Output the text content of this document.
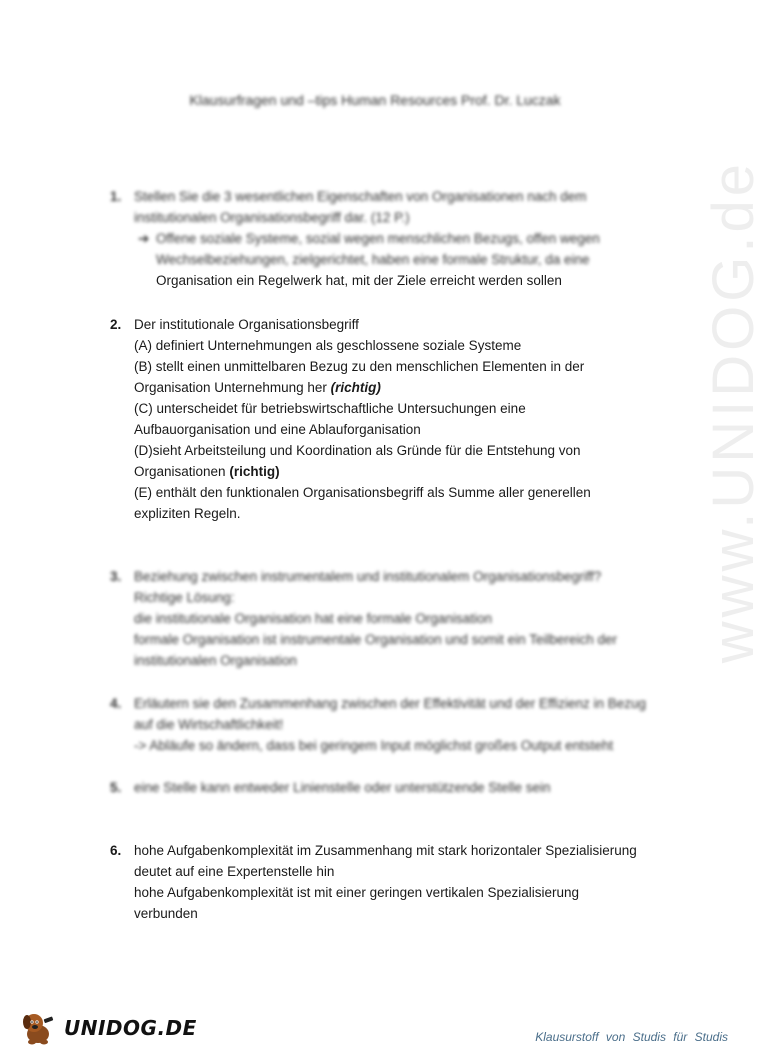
www.UNIDOG.de
Klausurfragen und –tips Human Resources Prof. Dr. Luczak
1. Stellen Sie die 3 wesentlichen Eigenschaften von Organisationen nach dem
institutionalen Organisationsbegriff dar. (12 P.)
➔ Offene soziale Systeme, sozial wegen menschlichen Bezugs, offen wegen
Wechselbeziehungen, zielgerichtet, haben eine formale Struktur, da eine
Organisation ein Regelwerk hat, mit der Ziele erreicht werden sollen
2. Der institutionale Organisationsbegriff
(A) definiert Unternehmungen als geschlossene soziale Systeme
(B) stellt einen unmittelbaren Bezug zu den menschlichen Elementen in der
Organisation Unternehmung her (richtig)
(C) unterscheidet für betriebswirtschaftliche Untersuchungen eine
Aufbauorganisation und eine Ablauforganisation
(D)sieht Arbeitsteilung und Koordination als Gründe für die Entstehung von
Organisationen (richtig)
(E) enthält den funktionalen Organisationsbegriff als Summe aller generellen
expliziten Regeln.
3. Beziehung zwischen instrumentalem und institutionalem Organisationsbegriff?
Richtige Lösung:
die institutionale Organisation hat eine formale Organisation
formale Organisation ist instrumentale Organisation und somit ein Teilbereich der
institutionalen Organisation
4. Erläutern sie den Zusammenhang zwischen der Effektivität und der Effizienz in Bezug
auf die Wirtschaftlichkeit!
-> Abläufe so ändern, dass bei geringem Input möglichst großes Output entsteht
5. eine Stelle kann entweder Linienstelle oder unterstützende Stelle sein
6. hohe Aufgabenkomplexität im Zusammenhang mit stark horizontaler Spezialisierung
deutet auf eine Expertenstelle hin
hohe Aufgabenkomplexität ist mit einer geringen vertikalen Spezialisierung
verbunden
UNIDOG.DE	Klausurstoff von Studis für Studis
